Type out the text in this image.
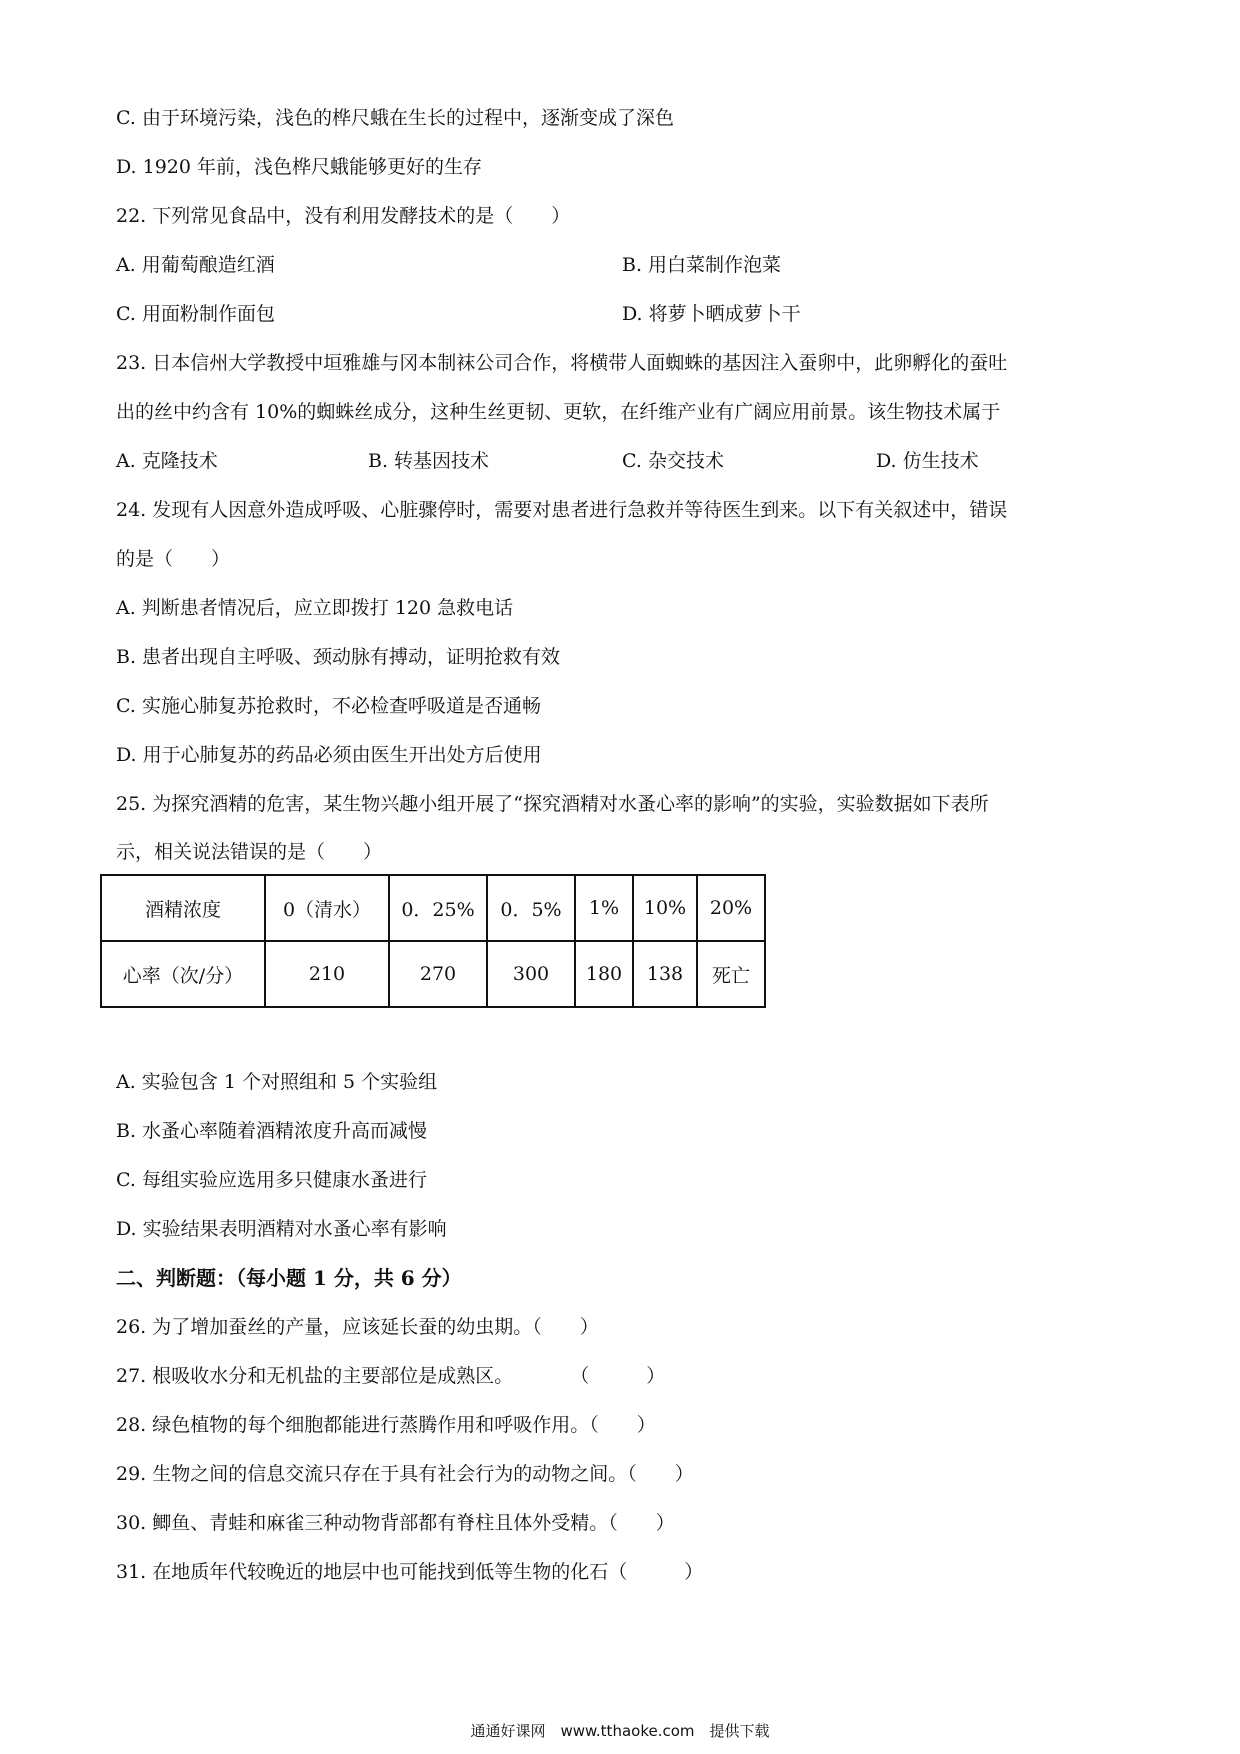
C. 由于环境污染，浅色的桦尺蛾在生长的过程中，逐渐变成了深色
D. 1920 年前，浅色桦尺蛾能够更好的生存
22. 下列常见食品中，没有利用发酵技术的是（　　）
A. 用葡萄酿造红酒	B. 用白菜制作泡菜
C. 用面粉制作面包	D. 将萝卜晒成萝卜干
23. 日本信州大学教授中垣雅雄与冈本制袜公司合作，将横带人面蜘蛛的基因注入蚕卵中，此卵孵化的蚕吐
出的丝中约含有 10%的蜘蛛丝成分，这种生丝更韧、更软，在纤维产业有广阔应用前景。该生物技术属于
A. 克隆技术	B. 转基因技术	C. 杂交技术	D. 仿生技术
24. 发现有人因意外造成呼吸、心脏骤停时，需要对患者进行急救并等待医生到来。以下有关叙述中，错误
的是（　　）
A. 判断患者情况后，应立即拨打 120 急救电话
B. 患者出现自主呼吸、颈动脉有搏动，证明抢救有效
C. 实施心肺复苏抢救时，不必检查呼吸道是否通畅
D. 用于心肺复苏的药品必须由医生开出处方后使用
25. 为探究酒精的危害，某生物兴趣小组开展了“探究酒精对水蚤心率的影响”的实验，实验数据如下表所
示，相关说法错误的是（　　）
酒精浓度	0（清水）	0．25%	0．5%	1%	10%	20%
心率（次/分）	210	270	300	180	138	死亡
A. 实验包含 1 个对照组和 5 个实验组
B. 水蚤心率随着酒精浓度升高而减慢
C. 每组实验应选用多只健康水蚤进行
D. 实验结果表明酒精对水蚤心率有影响
二、判断题：（每小题 1 分，共 6 分）
26. 为了增加蚕丝的产量，应该延长蚕的幼虫期。（　　）
27. 根吸收水分和无机盐的主要部位是成熟区。　　　　（　　　）
28. 绿色植物的每个细胞都能进行蒸腾作用和呼吸作用。（　　）
29. 生物之间的信息交流只存在于具有社会行为的动物之间。（　　）
30. 鲫鱼、青蛙和麻雀三种动物背部都有脊柱且体外受精。（　　）
31. 在地质年代较晚近的地层中也可能找到低等生物的化石（　　　）
通通好课网　www.tthaoke.com　提供下载
